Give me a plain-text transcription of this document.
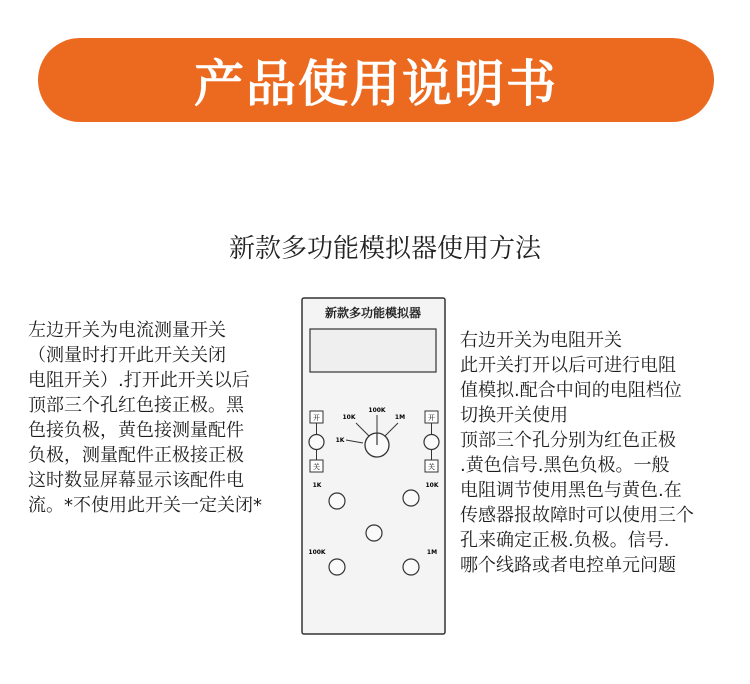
产品使用说明书
新款多功能模拟器使用方法
左边开关为电流测量开关
（测量时打开此开关关闭
电阻开关）.打开此开关以后
顶部三个孔红色接正极。黑
色接负极，黄色接测量配件
负极，测量配件正极接正极
这时数显屏幕显示该配件电
流。*不使用此开关一定关闭*
右边开关为电阻开关
此开关打开以后可进行电阻
值模拟.配合中间的电阻档位
切换开关使用
顶部三个孔分别为红色正极
.黄色信号.黑色负极。一般
电阻调节使用黑色与黄色.在
传感器报故障时可以使用三个
孔来确定正极.负极。信号.
哪个线路或者电控单元问题
新款多功能模拟器
100K
10K	1M
1K
开
关
开
关
1K	10K
100K	1M
